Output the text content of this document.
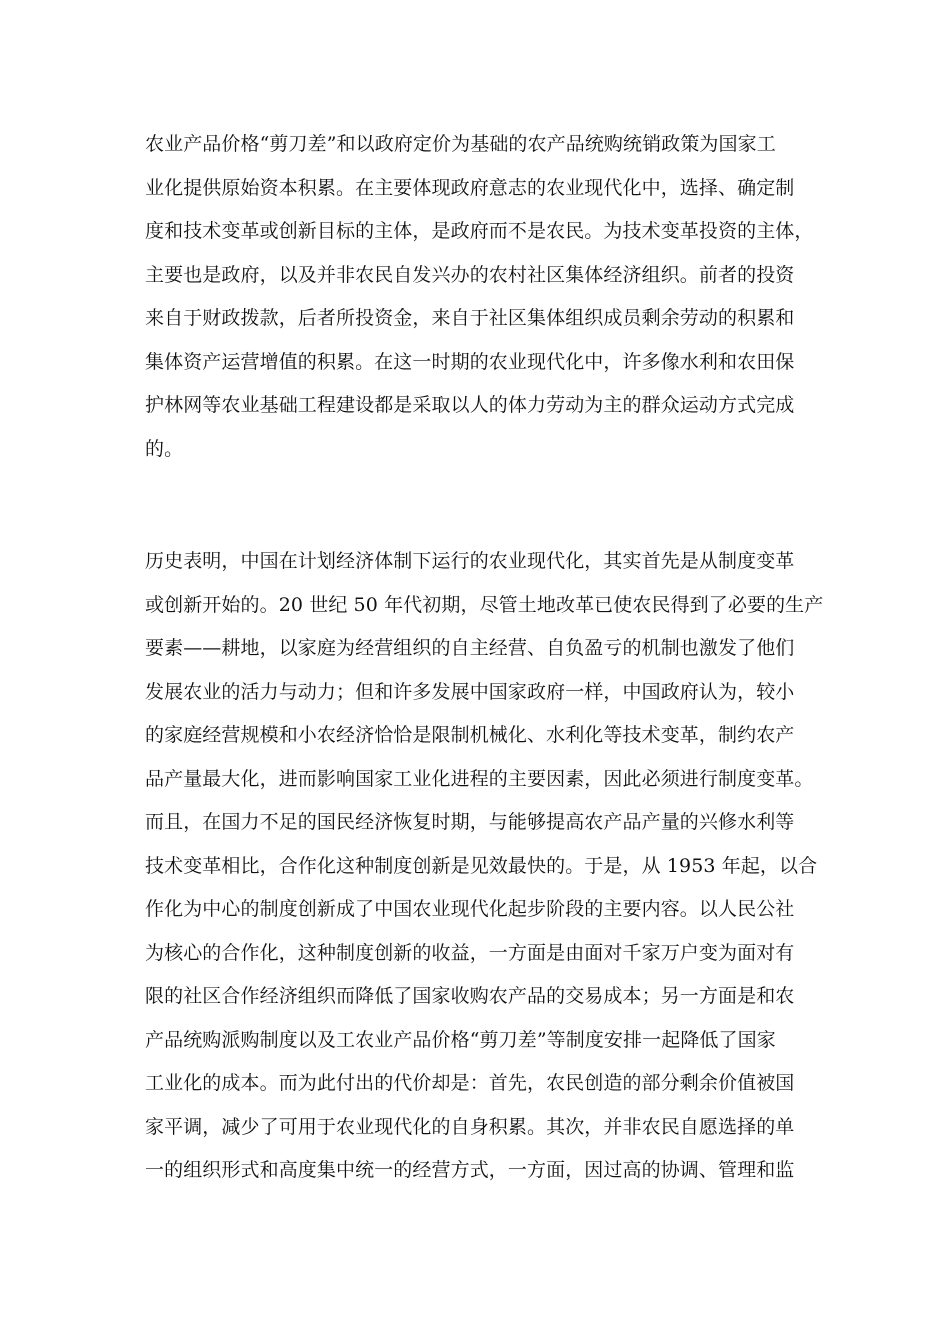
农业产品价格“剪刀差”和以政府定价为基础的农产品统购统销政策为国家工
业化提供原始资本积累。在主要体现政府意志的农业现代化中，选择、确定制
度和技术变革或创新目标的主体，是政府而不是农民。为技术变革投资的主体，
主要也是政府，以及并非农民自发兴办的农村社区集体经济组织。前者的投资
来自于财政拨款，后者所投资金，来自于社区集体组织成员剩余劳动的积累和
集体资产运营增值的积累。在这一时期的农业现代化中，许多像水利和农田保
护林网等农业基础工程建设都是采取以人的体力劳动为主的群众运动方式完成
的。
历史表明，中国在计划经济体制下运行的农业现代化，其实首先是从制度变革
或创新开始的。20 世纪 50 年代初期，尽管土地改革已使农民得到了必要的生产
要素——耕地，以家庭为经营组织的自主经营、自负盈亏的机制也激发了他们
发展农业的活力与动力；但和许多发展中国家政府一样，中国政府认为，较小
的家庭经营规模和小农经济恰恰是限制机械化、水利化等技术变革，制约农产
品产量最大化，进而影响国家工业化进程的主要因素，因此必须进行制度变革。
而且，在国力不足的国民经济恢复时期，与能够提高农产品产量的兴修水利等
技术变革相比，合作化这种制度创新是见效最快的。于是，从 1953 年起，以合
作化为中心的制度创新成了中国农业现代化起步阶段的主要内容。以人民公社
为核心的合作化，这种制度创新的收益，一方面是由面对千家万户变为面对有
限的社区合作经济组织而降低了国家收购农产品的交易成本；另一方面是和农
产品统购派购制度以及工农业产品价格“剪刀差”等制度安排一起降低了国家
工业化的成本。而为此付出的代价却是：首先，农民创造的部分剩余价值被国
家平调，减少了可用于农业现代化的自身积累。其次，并非农民自愿选择的单
一的组织形式和高度集中统一的经营方式，一方面，因过高的协调、管理和监
